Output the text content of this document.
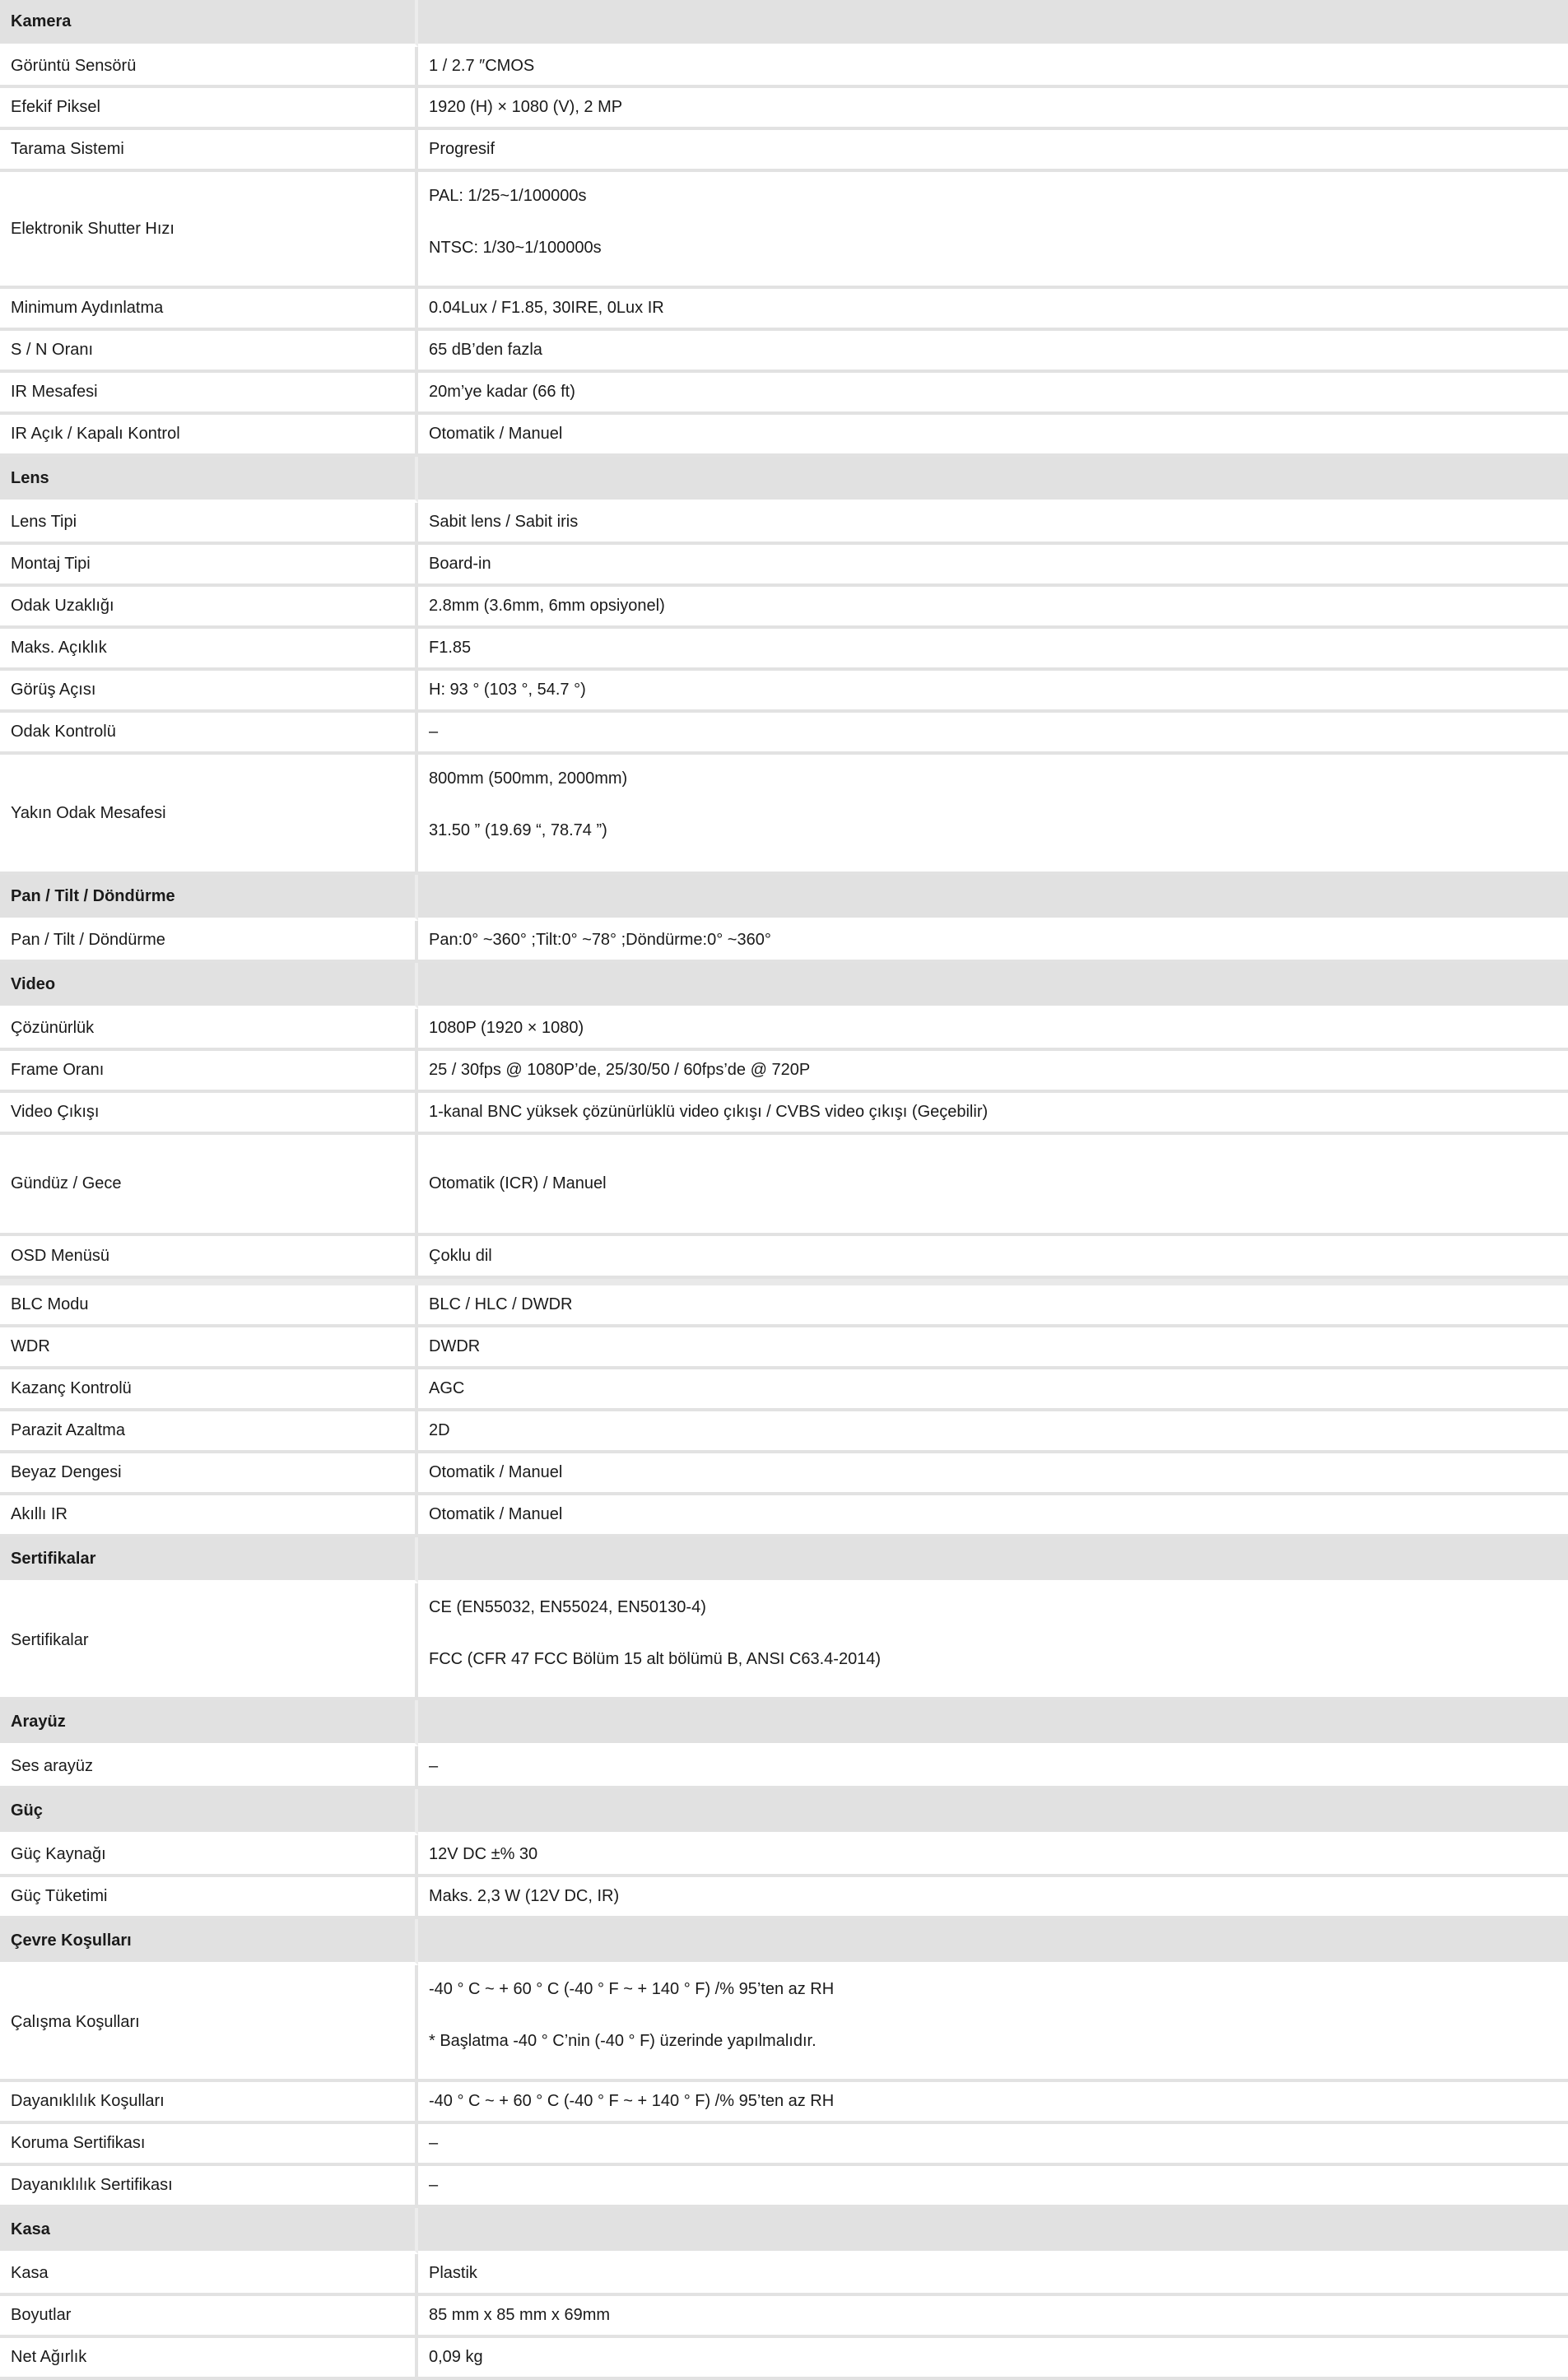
Kamera	
Görüntü Sensörü	1 / 2.7 ″CMOS

Efekif Piksel	1920 (H) × 1080 (V), 2 MP

Tarama Sistemi	Progresif

Elektronik Shutter Hızı	PAL: 1/25~1/100000s
NTSC: 1/30~1/100000s

Minimum Aydınlatma	0.04Lux / F1.85, 30IRE, 0Lux IR

S / N Oranı	65 dB’den fazla

IR Mesafesi	20m’ye kadar (66 ft)

IR Açık / Kapalı Kontrol	Otomatik / Manuel

Lens	
Lens Tipi	Sabit lens / Sabit iris

Montaj Tipi	Board-in

Odak Uzaklığı	2.8mm (3.6mm, 6mm opsiyonel)

Maks. Açıklık	F1.85

Görüş Açısı	H: 93 ° (103 °, 54.7 °)

Odak Kontrolü	–

Yakın Odak Mesafesi	800mm (500mm, 2000mm)
31.50 ” (19.69 “, 78.74 ”)

Pan / Tilt / Döndürme	
Pan / Tilt / Döndürme	Pan:0° ~360° ;Tilt:0° ~78° ;Döndürme:0° ~360°

Video	
Çözünürlük	1080P (1920 × 1080)

Frame Oranı	25 / 30fps @ 1080P’de, 25/30/50 / 60fps’de @ 720P

Video Çıkışı	1-kanal BNC yüksek çözünürlüklü video çıkışı / CVBS video çıkışı (Geçebilir)

Gündüz / Gece	Otomatik (ICR) / Manuel

OSD Menüsü	Çoklu dil

BLC Modu	BLC / HLC / DWDR

WDR	DWDR

Kazanç Kontrolü	AGC

Parazit Azaltma	2D

Beyaz Dengesi	Otomatik / Manuel

Akıllı IR	Otomatik / Manuel

Sertifikalar	
Sertifikalar	CE (EN55032, EN55024, EN50130-4)
FCC (CFR 47 FCC Bölüm 15 alt bölümü B, ANSI C63.4-2014)

Arayüz	
Ses arayüz	–

Güç	
Güç Kaynağı	12V DC ±% 30

Güç Tüketimi	Maks. 2,3 W (12V DC, IR)

Çevre Koşulları	
Çalışma Koşulları	-40 ° C ~ + 60 ° C (-40 ° F ~ + 140 ° F) /% 95’ten az RH
* Başlatma -40 ° C’nin (-40 ° F) üzerinde yapılmalıdır.

Dayanıklılık Koşulları	-40 ° C ~ + 60 ° C (-40 ° F ~ + 140 ° F) /% 95’ten az RH

Koruma Sertifikası	–

Dayanıklılık Sertifikası	–

Kasa	
Kasa	Plastik

Boyutlar	85 mm x 85 mm x 69mm

Net Ağırlık	0,09 kg
